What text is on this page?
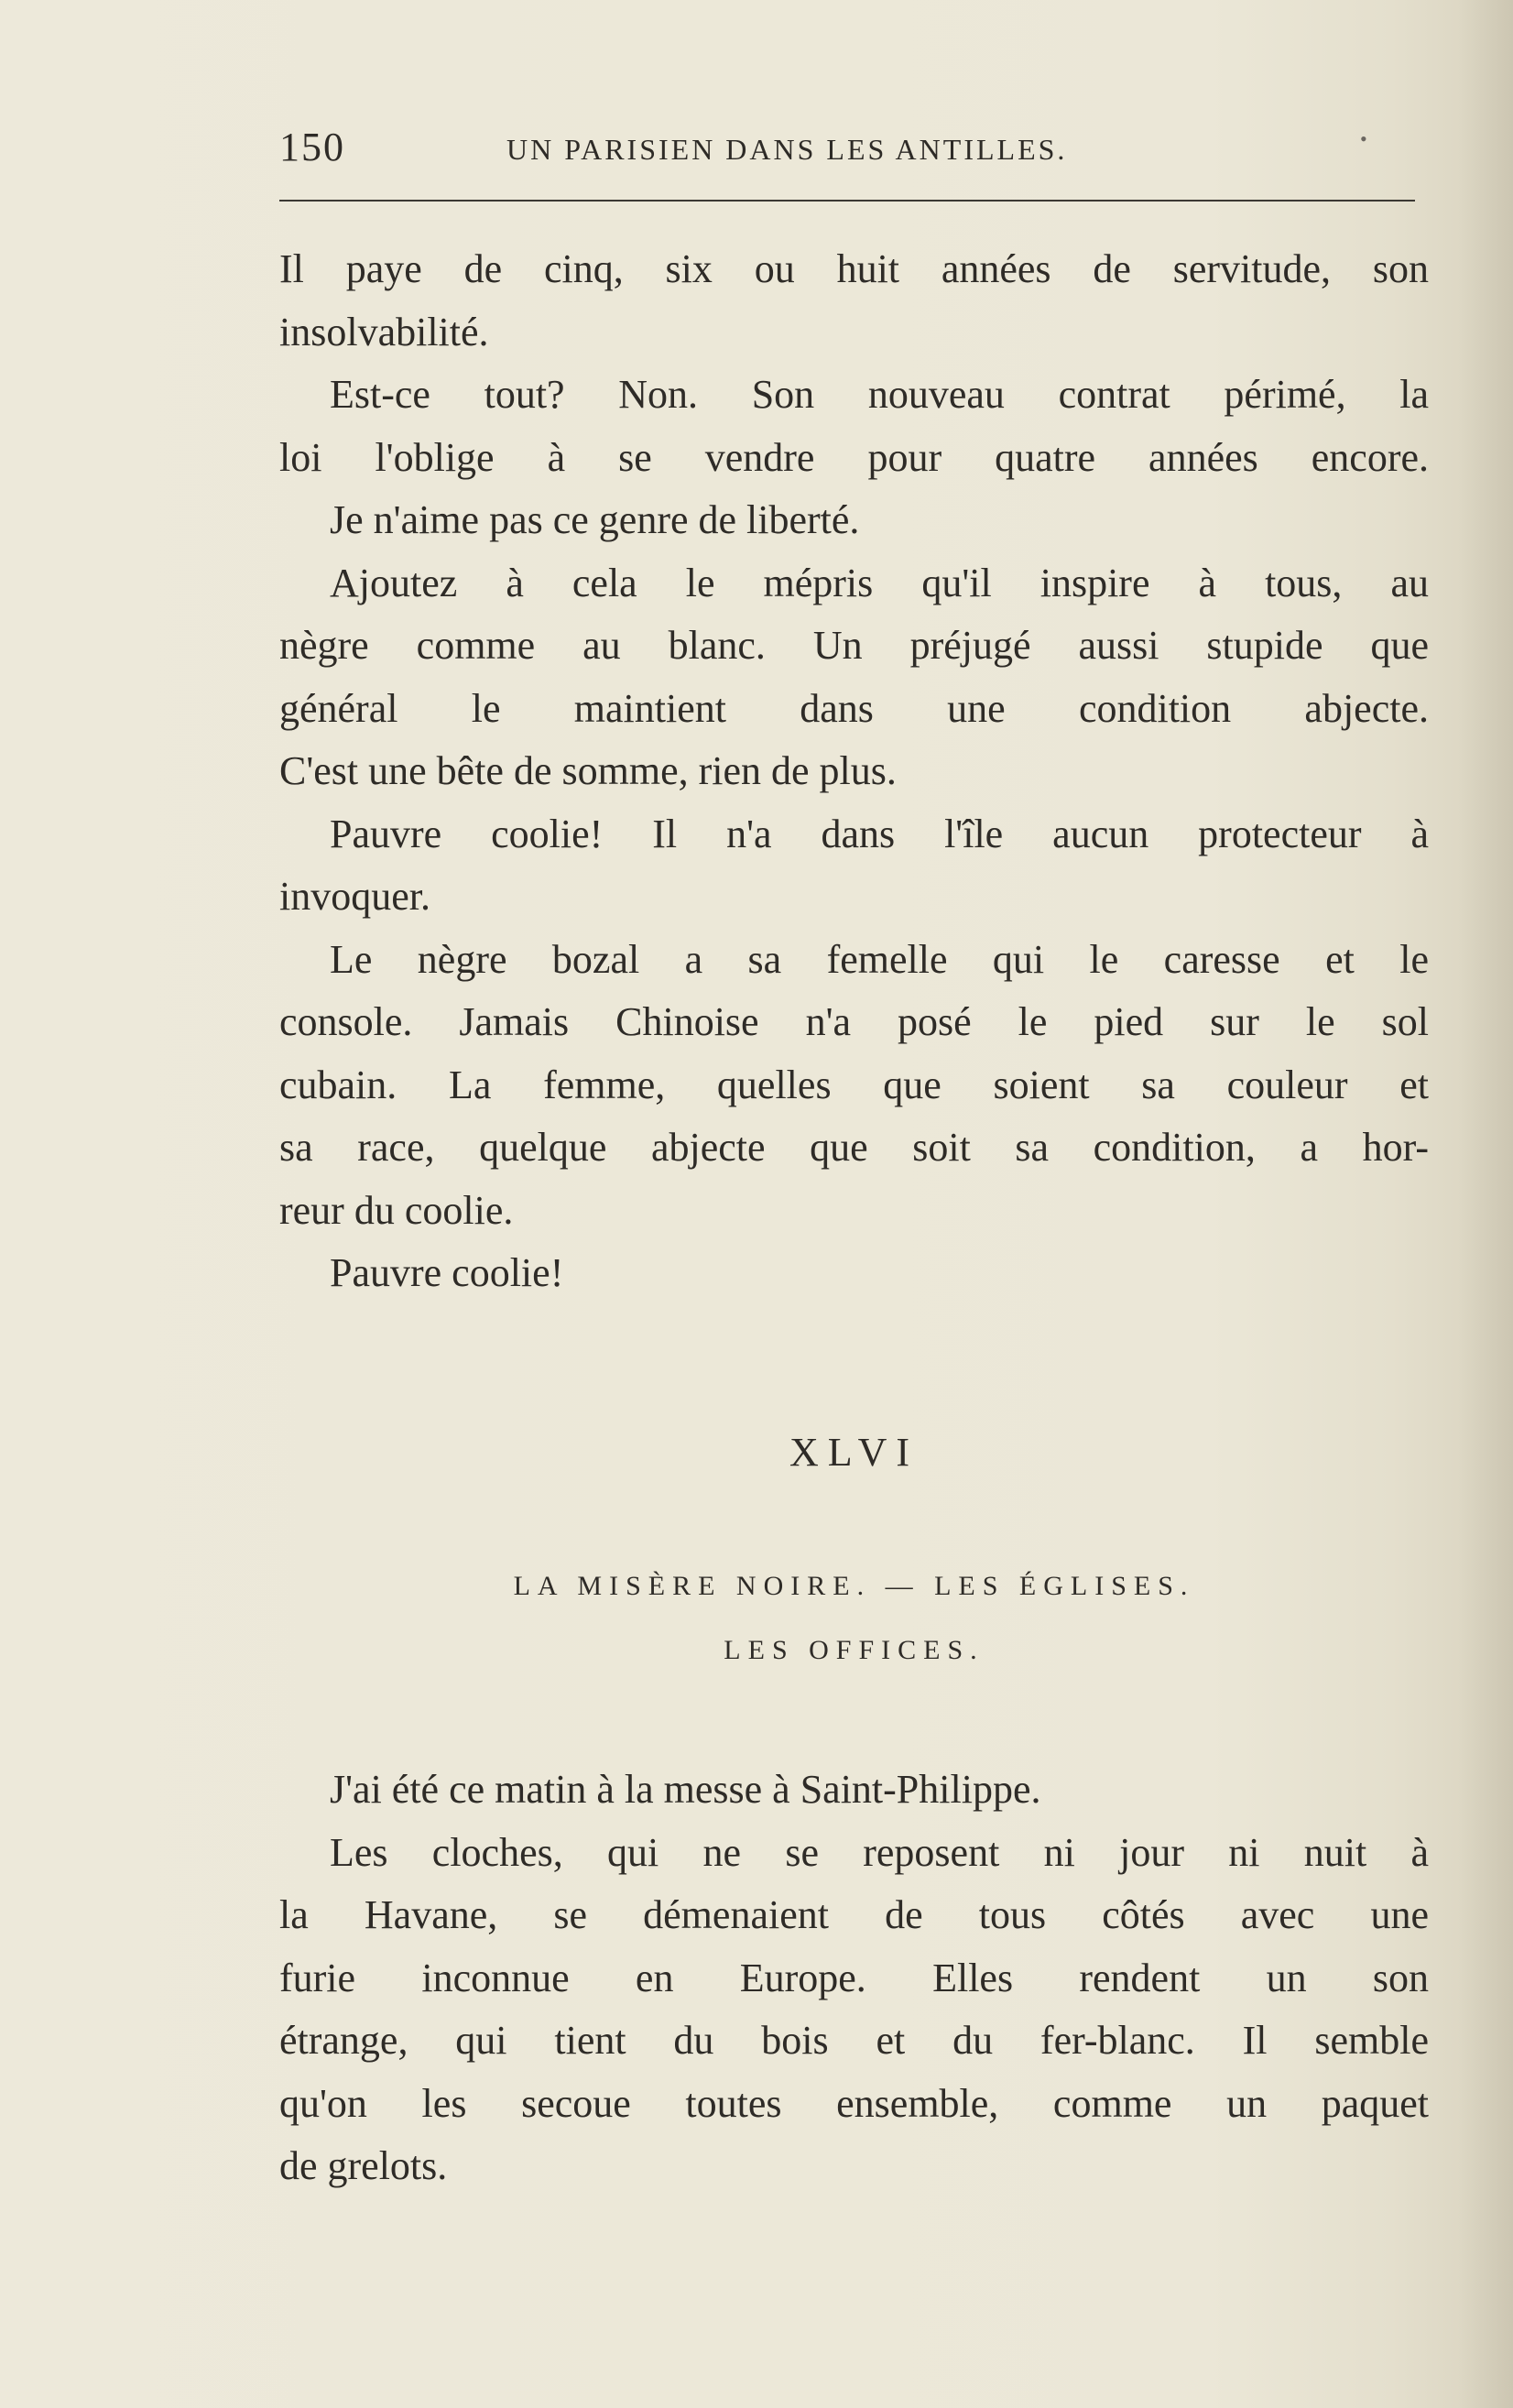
150	UN PARISIEN DANS LES ANTILLES.	•
Il paye de cinq, six ou huit années de servitude, son
insolvabilité.
Est-ce tout? Non. Son nouveau contrat périmé, la
loi l'oblige à se vendre pour quatre années encore.
Je n'aime pas ce genre de liberté.
Ajoutez à cela le mépris qu'il inspire à tous, au
nègre comme au blanc. Un préjugé aussi stupide que
général le maintient dans une condition abjecte.
C'est une bête de somme, rien de plus.
Pauvre coolie! Il n'a dans l'île aucun protecteur à
invoquer.
Le nègre bozal a sa femelle qui le caresse et le
console. Jamais Chinoise n'a posé le pied sur le sol
cubain. La femme, quelles que soient sa couleur et
sa race, quelque abjecte que soit sa condition, a hor-
reur du coolie.
Pauvre coolie!
XLVI
LA MISÈRE NOIRE. — LES ÉGLISES.
LES OFFICES.
J'ai été ce matin à la messe à Saint-Philippe.
Les cloches, qui ne se reposent ni jour ni nuit à
la Havane, se démenaient de tous côtés avec une
furie inconnue en Europe. Elles rendent un son
étrange, qui tient du bois et du fer-blanc. Il semble
qu'on les secoue toutes ensemble, comme un paquet
de grelots.
